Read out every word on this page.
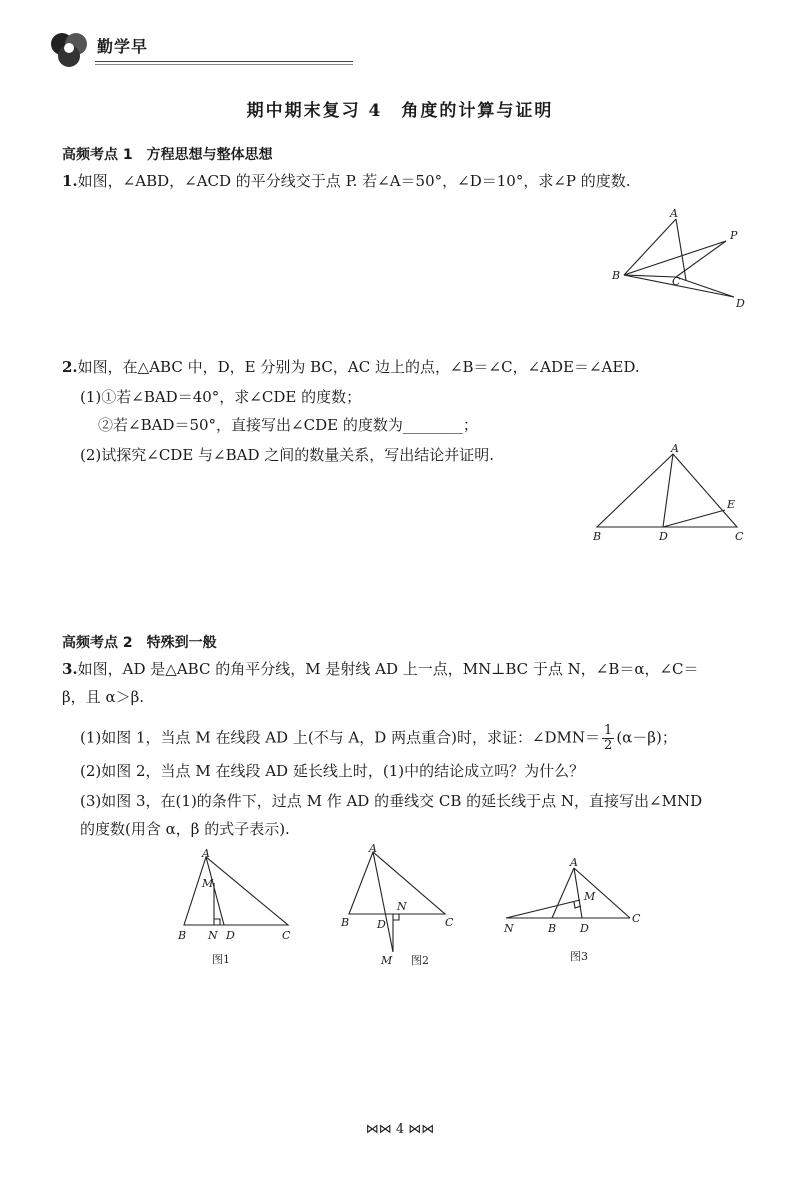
勤学早
期中期末复习 4　角度的计算与证明
高频考点 1　方程思想与整体思想
1.如图，∠ABD，∠ACD 的平分线交于点 P. 若∠A＝50°，∠D＝10°，求∠P 的度数.
A
P
B	C
D
2.如图，在△ABC 中，D，E 分别为 BC，AC 边上的点，∠B＝∠C，∠ADE＝∠AED.
(1)①若∠BAD＝40°，求∠CDE 的度数；
②若∠BAD＝50°，直接写出∠CDE 的度数为________；
(2)试探究∠CDE 与∠BAD 之间的数量关系，写出结论并证明.	A
E
B	D	C
高频考点 2　特殊到一般
3.如图，AD 是△ABC 的角平分线，M 是射线 AD 上一点，MN⊥BC 于点 N，∠B＝α，∠C＝
β，且 α＞β.
(1)如图 1，当点 M 在线段 AD 上(不与 A，D 两点重合)时，求证：∠DMN＝ $\frac{1}{2} (\alpha-\beta)$；
(2)如图 2，当点 M 在线段 AD 延长线上时，(1)中的结论成立吗？为什么？
(3)如图 3，在(1)的条件下，过点 M 作 AD 的垂线交 CB 的延长线于点 N，直接写出∠MND
的度数(用含 α，β 的式子表示).
A
M
B N D	C
图1
A
N
B	D	C
M 图2
A
M
N	B D
C
图3
⋈⋈ 4 ⋈⋈
